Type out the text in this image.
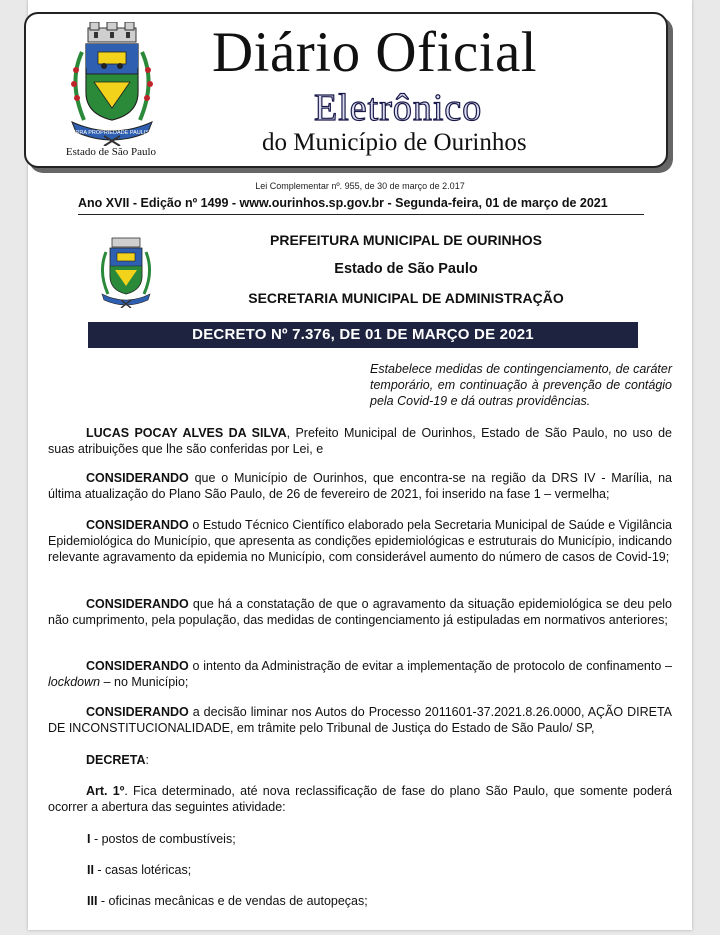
TERRA PROPRIEDADE PAULISTA
Estado de São Paulo
Diário Oficial
Eletrônico
do Município de Ourinhos
Lei Complementar nº. 955, de 30 de março de 2.017
Ano XVII - Edição nº 1499 - www.ourinhos.sp.gov.br - Segunda-feira, 01 de março de 2021
PREFEITURA MUNICIPAL DE OURINHOS
Estado de São Paulo
SECRETARIA MUNICIPAL DE ADMINISTRAÇÃO
DECRETO Nº 7.376, DE 01 DE MARÇO DE 2021
Estabelece medidas de contingenciamento, de caráter temporário, em continuação à prevenção de contágio pela Covid-19 e dá outras providências.
LUCAS POCAY ALVES DA SILVA, Prefeito Municipal de Ourinhos, Estado de São Paulo, no uso de suas atribuições que lhe são conferidas por Lei, e
CONSIDERANDO que o Município de Ourinhos, que encontra-se na região da DRS IV - Marília, na última atualização do Plano São Paulo, de 26 de fevereiro de 2021, foi inserido na fase 1 – vermelha;
CONSIDERANDO o Estudo Técnico Científico elaborado pela Secretaria Municipal de Saúde e Vigilância Epidemiológica do Município, que apresenta as condições epidemiológicas e estruturais do Município, indicando relevante agravamento da epidemia no Município, com considerável aumento do número de casos de Covid-19;
CONSIDERANDO que há a constatação de que o agravamento da situação epidemiológica se deu pelo não cumprimento, pela população, das medidas de contingenciamento já estipuladas em normativos anteriores;
CONSIDERANDO o intento da Administração de evitar a implementação de protocolo de confinamento – lockdown – no Município;
CONSIDERANDO a decisão liminar nos Autos do Processo 2011601-37.2021.8.26.0000, AÇÃO DIRETA DE INCONSTITUCIONALIDADE, em trâmite pelo Tribunal de Justiça do Estado de São Paulo/ SP,
DECRETA:
Art. 1º. Fica determinado, até nova reclassificação de fase do plano São Paulo, que somente poderá ocorrer a abertura das seguintes atividade:
I - postos de combustíveis;
II - casas lotéricas;
III - oficinas mecânicas e de vendas de autopeças;
